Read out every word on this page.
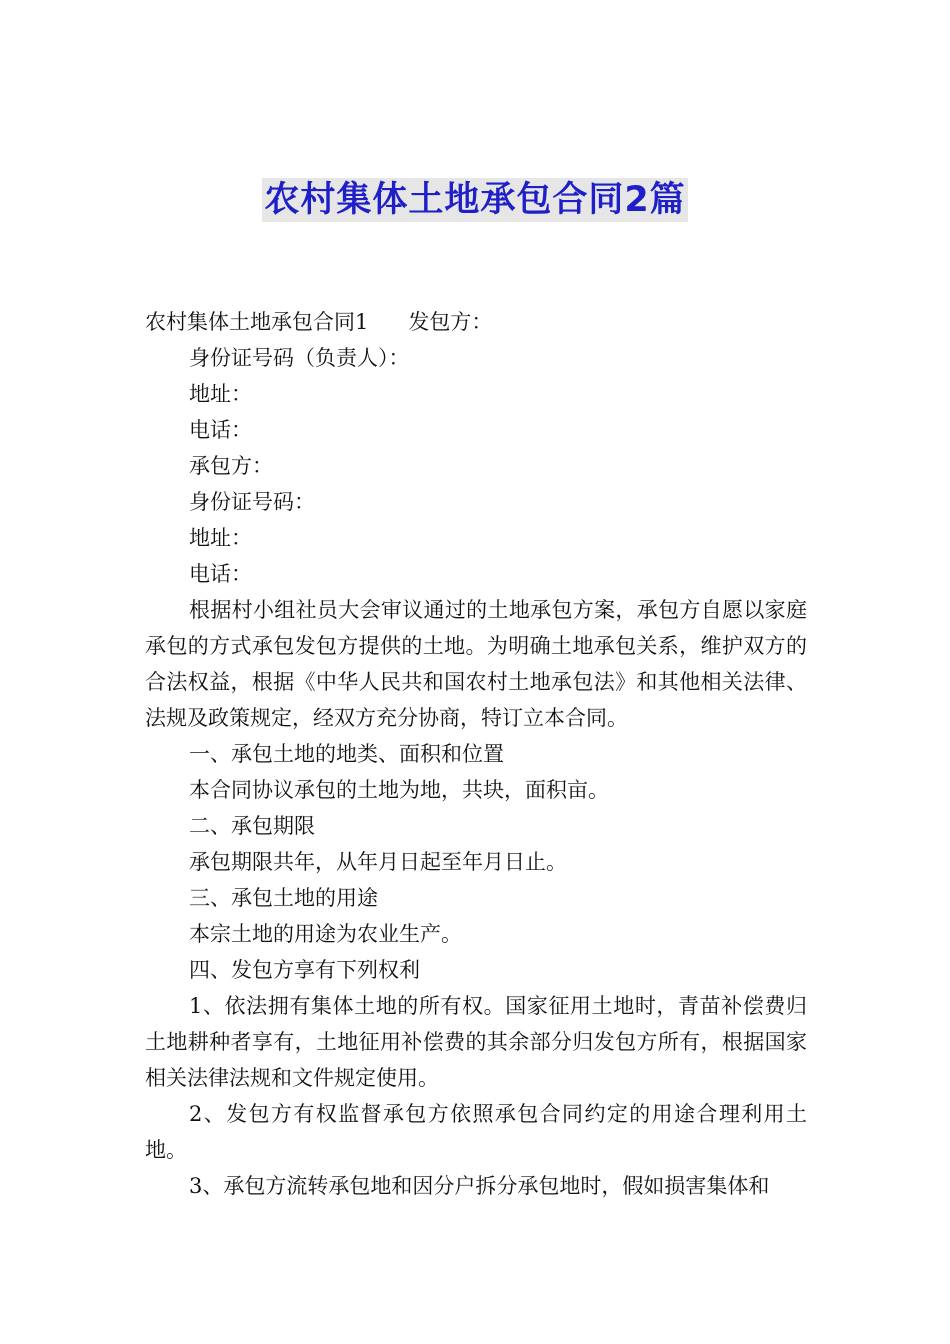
农村集体土地承包合同2篇

农村集体土地承包合同1 发包方：

身份证号码（负责人）：

地址：

电话：

承包方：

身份证号码：

地址：

电话：

根据村小组社员大会审议通过的土地承包方案，承包方自愿以家庭承包的方式承包发包方提供的土地。为明确土地承包关系，维护双方的合法权益，根据《中华人民共和国农村土地承包法》和其他相关法律、法规及政策规定，经双方充分协商，特订立本合同。

一、承包土地的地类、面积和位置

本合同协议承包的土地为地，共块，面积亩。

二、承包期限

承包期限共年，从年月日起至年月日止。

三、承包土地的用途

本宗土地的用途为农业生产。

四、发包方享有下列权利

1、依法拥有集体土地的所有权。国家征用土地时，青苗补偿费归土地耕种者享有，土地征用补偿费的其余部分归发包方所有，根据国家相关法律法规和文件规定使用。

2、发包方有权监督承包方依照承包合同约定的用途合理利用土地。

3、承包方流转承包地和因分户拆分承包地时，假如损害集体和
